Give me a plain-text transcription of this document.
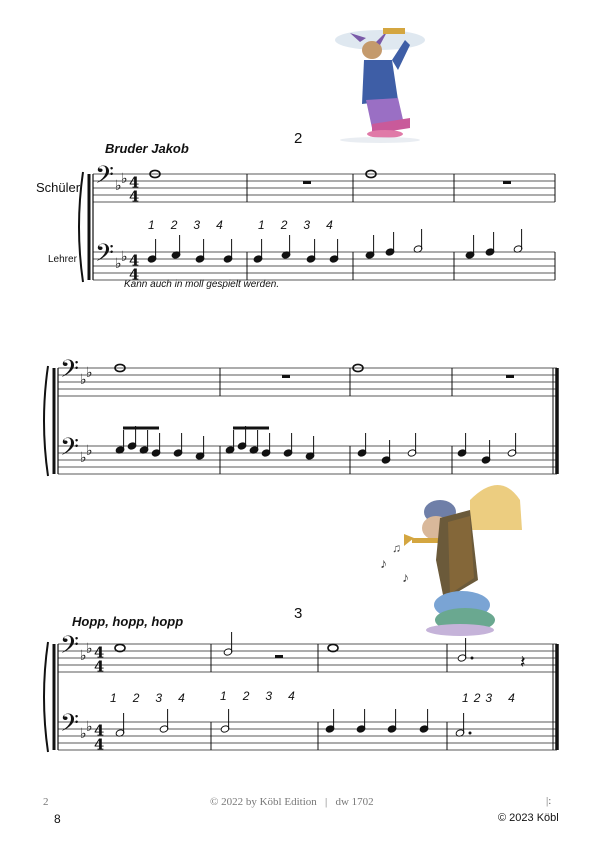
♪
♫
♪
2
Bruder Jakob
Schüler
Lehrer
1 2 3 4	1 2 3 4
Kann auch in moll gespielt werden.
3
Hopp, hopp, hopp
1 2 3 4	1 2 3 4	1 2 3 4
𝄢
𝄢
♭ ♭
♭ ♭
4
4
4
4
𝄢
𝄢
♭ ♭
♭ ♭
𝄢
𝄢
♭ ♭
♭ ♭
4
4
4
4
𝄽
2	© 2022 by Köbl Edition   |   dw 1702	|:
8	© 2023 Köbl
